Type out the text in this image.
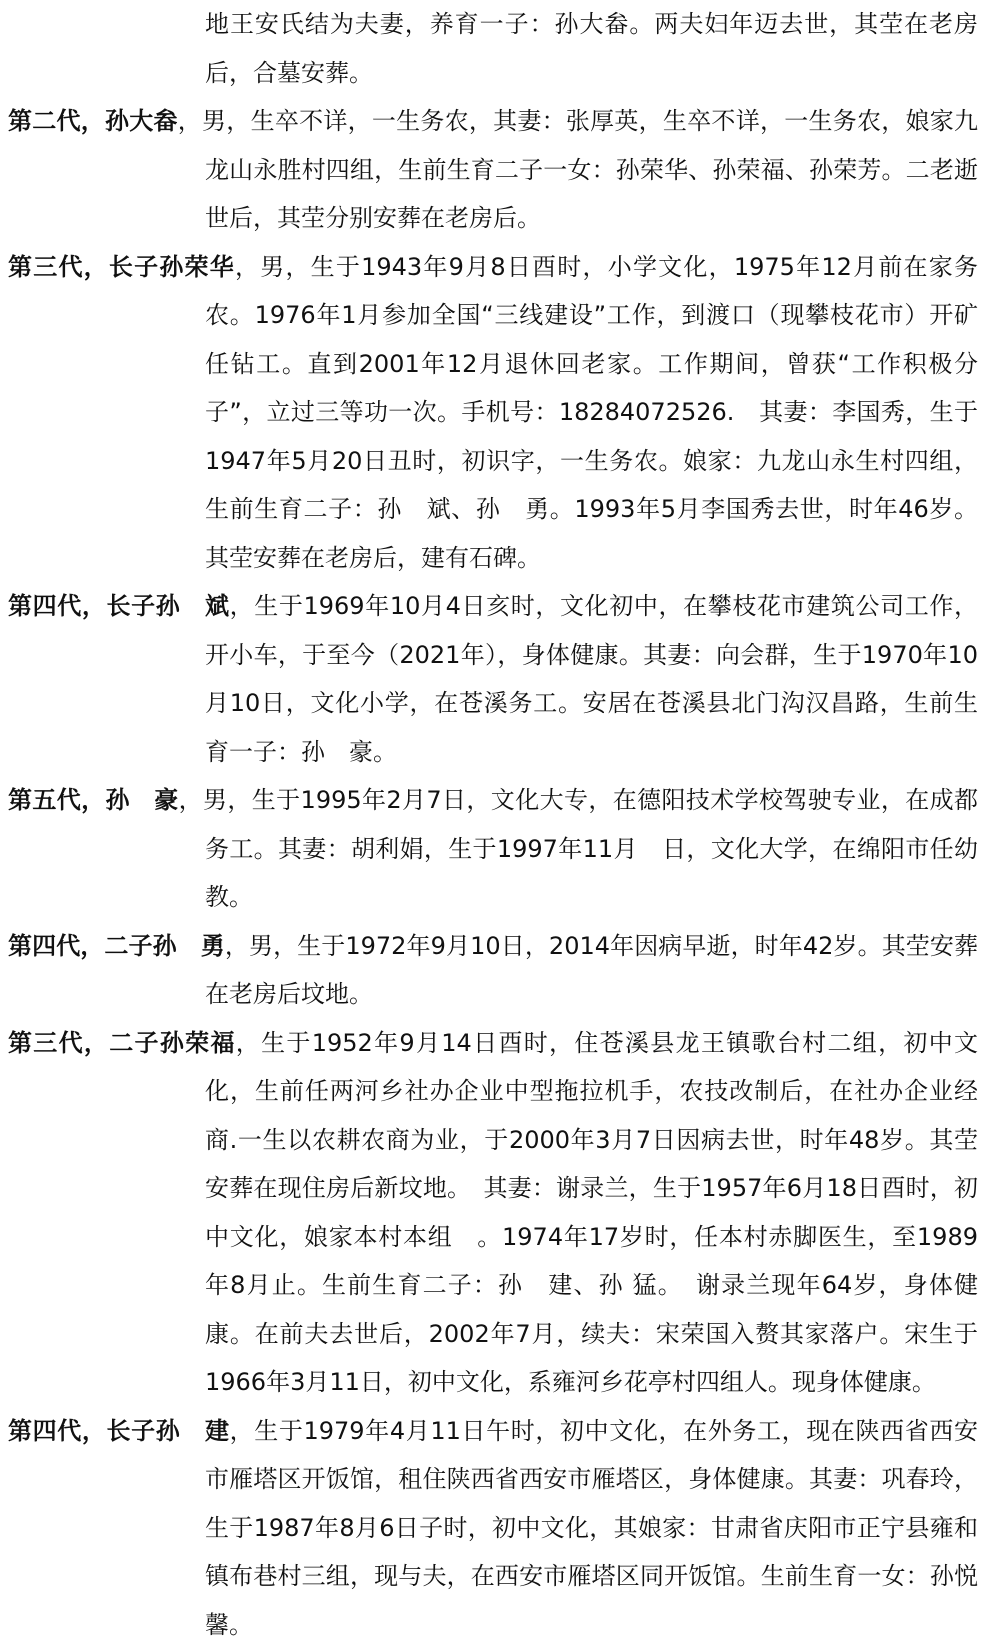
地王安氏结为夫妻，养育一子：孙大畚。两夫妇年迈去世，其茔在老房后，合墓安葬。

第二代，孙大畚，男，生卒不详，一生务农，其妻：张厚英，生卒不详，一生务农，娘家九龙山永胜村四组，生前生育二子一女：孙荣华、孙荣福、孙荣芳。二老逝世后，其茔分别安葬在老房后。

第三代，长子孙荣华，男，生于1943年9月8日酉时，小学文化，1975年12月前在家务农。1976年1月参加全国“三线建设”工作，到渡口（现攀枝花市）开矿任钻工。直到2001年12月退休回老家。工作期间，曾获“工作积极分子”，立过三等功一次。手机号：18284072526.　其妻：李国秀，生于1947年5月20日丑时，初识字，一生务农。娘家：九龙山永生村四组，生前生育二子：孙　斌、孙　勇。1993年5月李国秀去世，时年46岁。其茔安葬在老房后，建有石碑。

第四代，长子孙　斌，生于1969年10月4日亥时，文化初中，在攀枝花市建筑公司工作，开小车，于至今（2021年），身体健康。其妻：向会群，生于1970年10月10日，文化小学，在苍溪务工。安居在苍溪县北门沟汉昌路，生前生育一子：孙　豪。

第五代，孙　豪，男，生于1995年2月7日，文化大专，在德阳技术学校驾驶专业，在成都务工。其妻：胡利娟，生于1997年11月　日，文化大学，在绵阳市任幼教。

第四代，二子孙　勇，男，生于1972年9月10日，2014年因病早逝，时年42岁。其茔安葬在老房后坟地。

第三代，二子孙荣福，生于1952年9月14日酉时，住苍溪县龙王镇歌台村二组，初中文化，生前任两河乡社办企业中型拖拉机手，农技改制后，在社办企业经商.一生以农耕农商为业，于2000年3月7日因病去世，时年48岁。其茔安葬在现住房后新坟地。　其妻：谢录兰，生于1957年6月18日酉时，初中文化，娘家本村本组　。1974年17岁时，任本村赤脚医生，至1989年8月止。生前生育二子：孙　建、孙 猛。　谢录兰现年64岁，身体健康。在前夫去世后，2002年7月，续夫：宋荣国入赘其家落户。宋生于1966年3月11日，初中文化，系雍河乡花亭村四组人。现身体健康。

第四代，长子孙　建，生于1979年4月11日午时，初中文化，在外务工，现在陕西省西安市雁塔区开饭馆，租住陕西省西安市雁塔区，身体健康。其妻：巩春玲，生于1987年8月6日子时，初中文化，其娘家：甘肃省庆阳市正宁县雍和镇布巷村三组，现与夫，在西安市雁塔区同开饭馆。生前生育一女：孙悦馨。
